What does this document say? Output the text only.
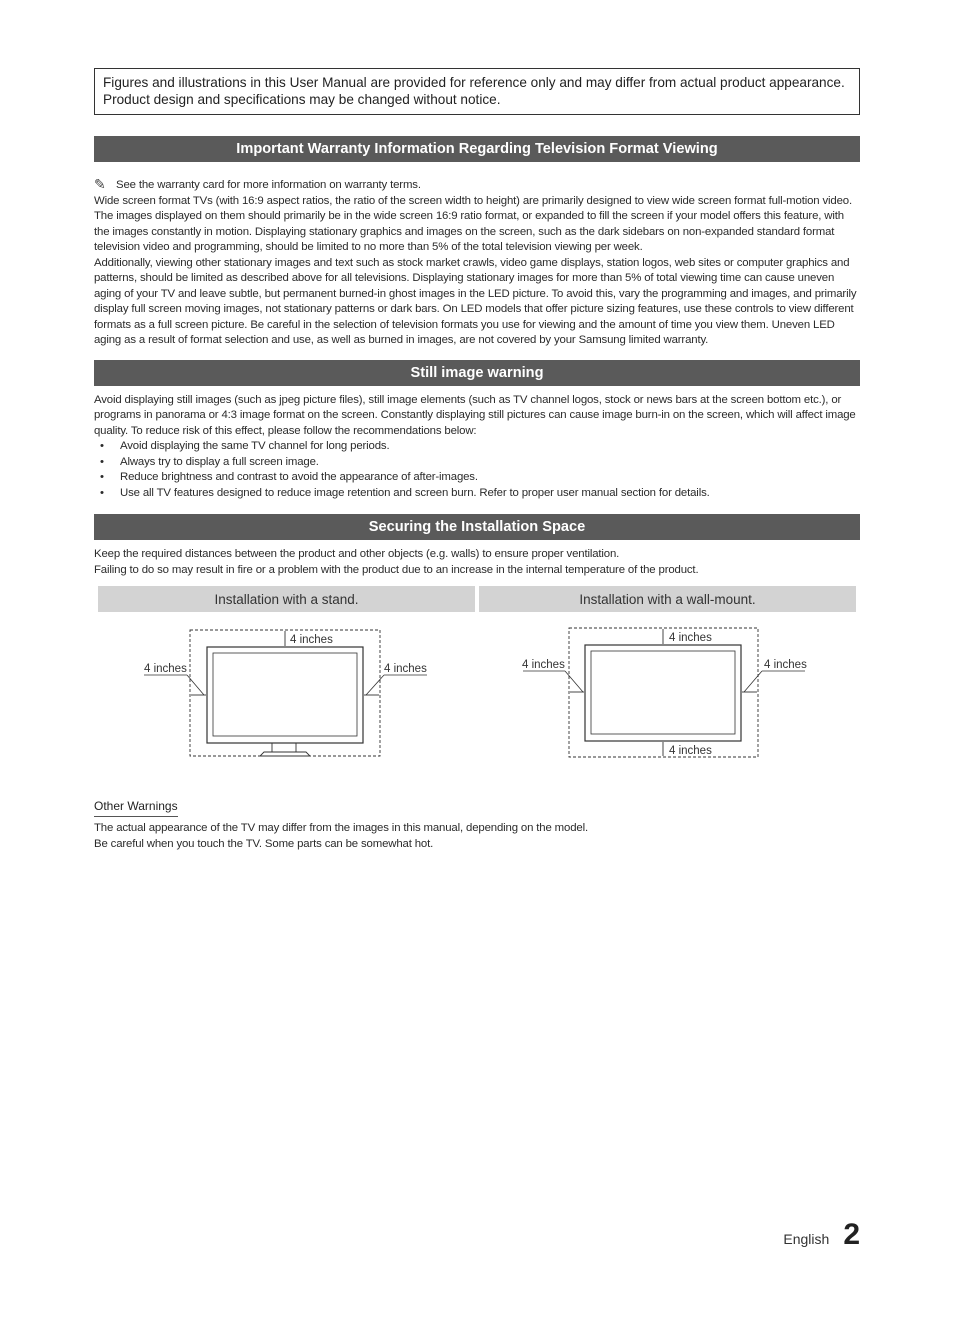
Figures and illustrations in this User Manual are provided for reference only and may differ from actual product appearance.
Product design and specifications may be changed without notice.
Important Warranty Information Regarding Television Format Viewing

✎ See the warranty card for more information on warranty terms.

Wide screen format TVs (with 16:9 aspect ratios, the ratio of the screen width to height) are primarily designed to view wide screen format full-motion video. The images displayed on them should primarily be in the wide screen 16:9 ratio format, or expanded to fill the screen if your model offers this feature, with the images constantly in motion. Displaying stationary graphics and images on the screen, such as the dark sidebars on non-expanded standard format television video and programming, should be limited to no more than 5% of the total television viewing per week.

Additionally, viewing other stationary images and text such as stock market crawls, video game displays, station logos, web sites or computer graphics and patterns, should be limited as described above for all televisions. Displaying stationary images for more than 5% of total viewing time can cause uneven aging of your TV and leave subtle, but permanent burned-in ghost images in the LED picture. To avoid this, vary the programming and images, and primarily display full screen moving images, not stationary patterns or dark bars. On LED models that offer picture sizing features, use these controls to view different formats as a full screen picture. Be careful in the selection of television formats you use for viewing and the amount of time you view them. Uneven LED aging as a result of format selection and use, as well as burned in images, are not covered by your Samsung limited warranty.

Still image warning

Avoid displaying still images (such as jpeg picture files), still image elements (such as TV channel logos, stock or news bars at the screen bottom etc.), or programs in panorama or 4:3 image format on the screen. Constantly displaying still pictures can cause image burn-in on the screen, which will affect image quality. To reduce risk of this effect, please follow the recommendations below:

• Avoid displaying the same TV channel for long periods.
• Always try to display a full screen image.
• Reduce brightness and contrast to avoid the appearance of after-images.
• Use all TV features designed to reduce image retention and screen burn. Refer to proper user manual section for details.
Securing the Installation Space

Keep the required distances between the product and other objects (e.g. walls) to ensure proper ventilation.

Failing to do so may result in fire or a problem with the product due to an increase in the internal temperature of the product.

Installation with a stand.	Installation with a wall-mount.
4 inches
4 inches	4 inches
4 inches
4 inches
4 inches	4 inches
Other Warnings

The actual appearance of the TV may differ from the images in this manual, depending on the model.

Be careful when you touch the TV. Some parts can be somewhat hot.

English 2
